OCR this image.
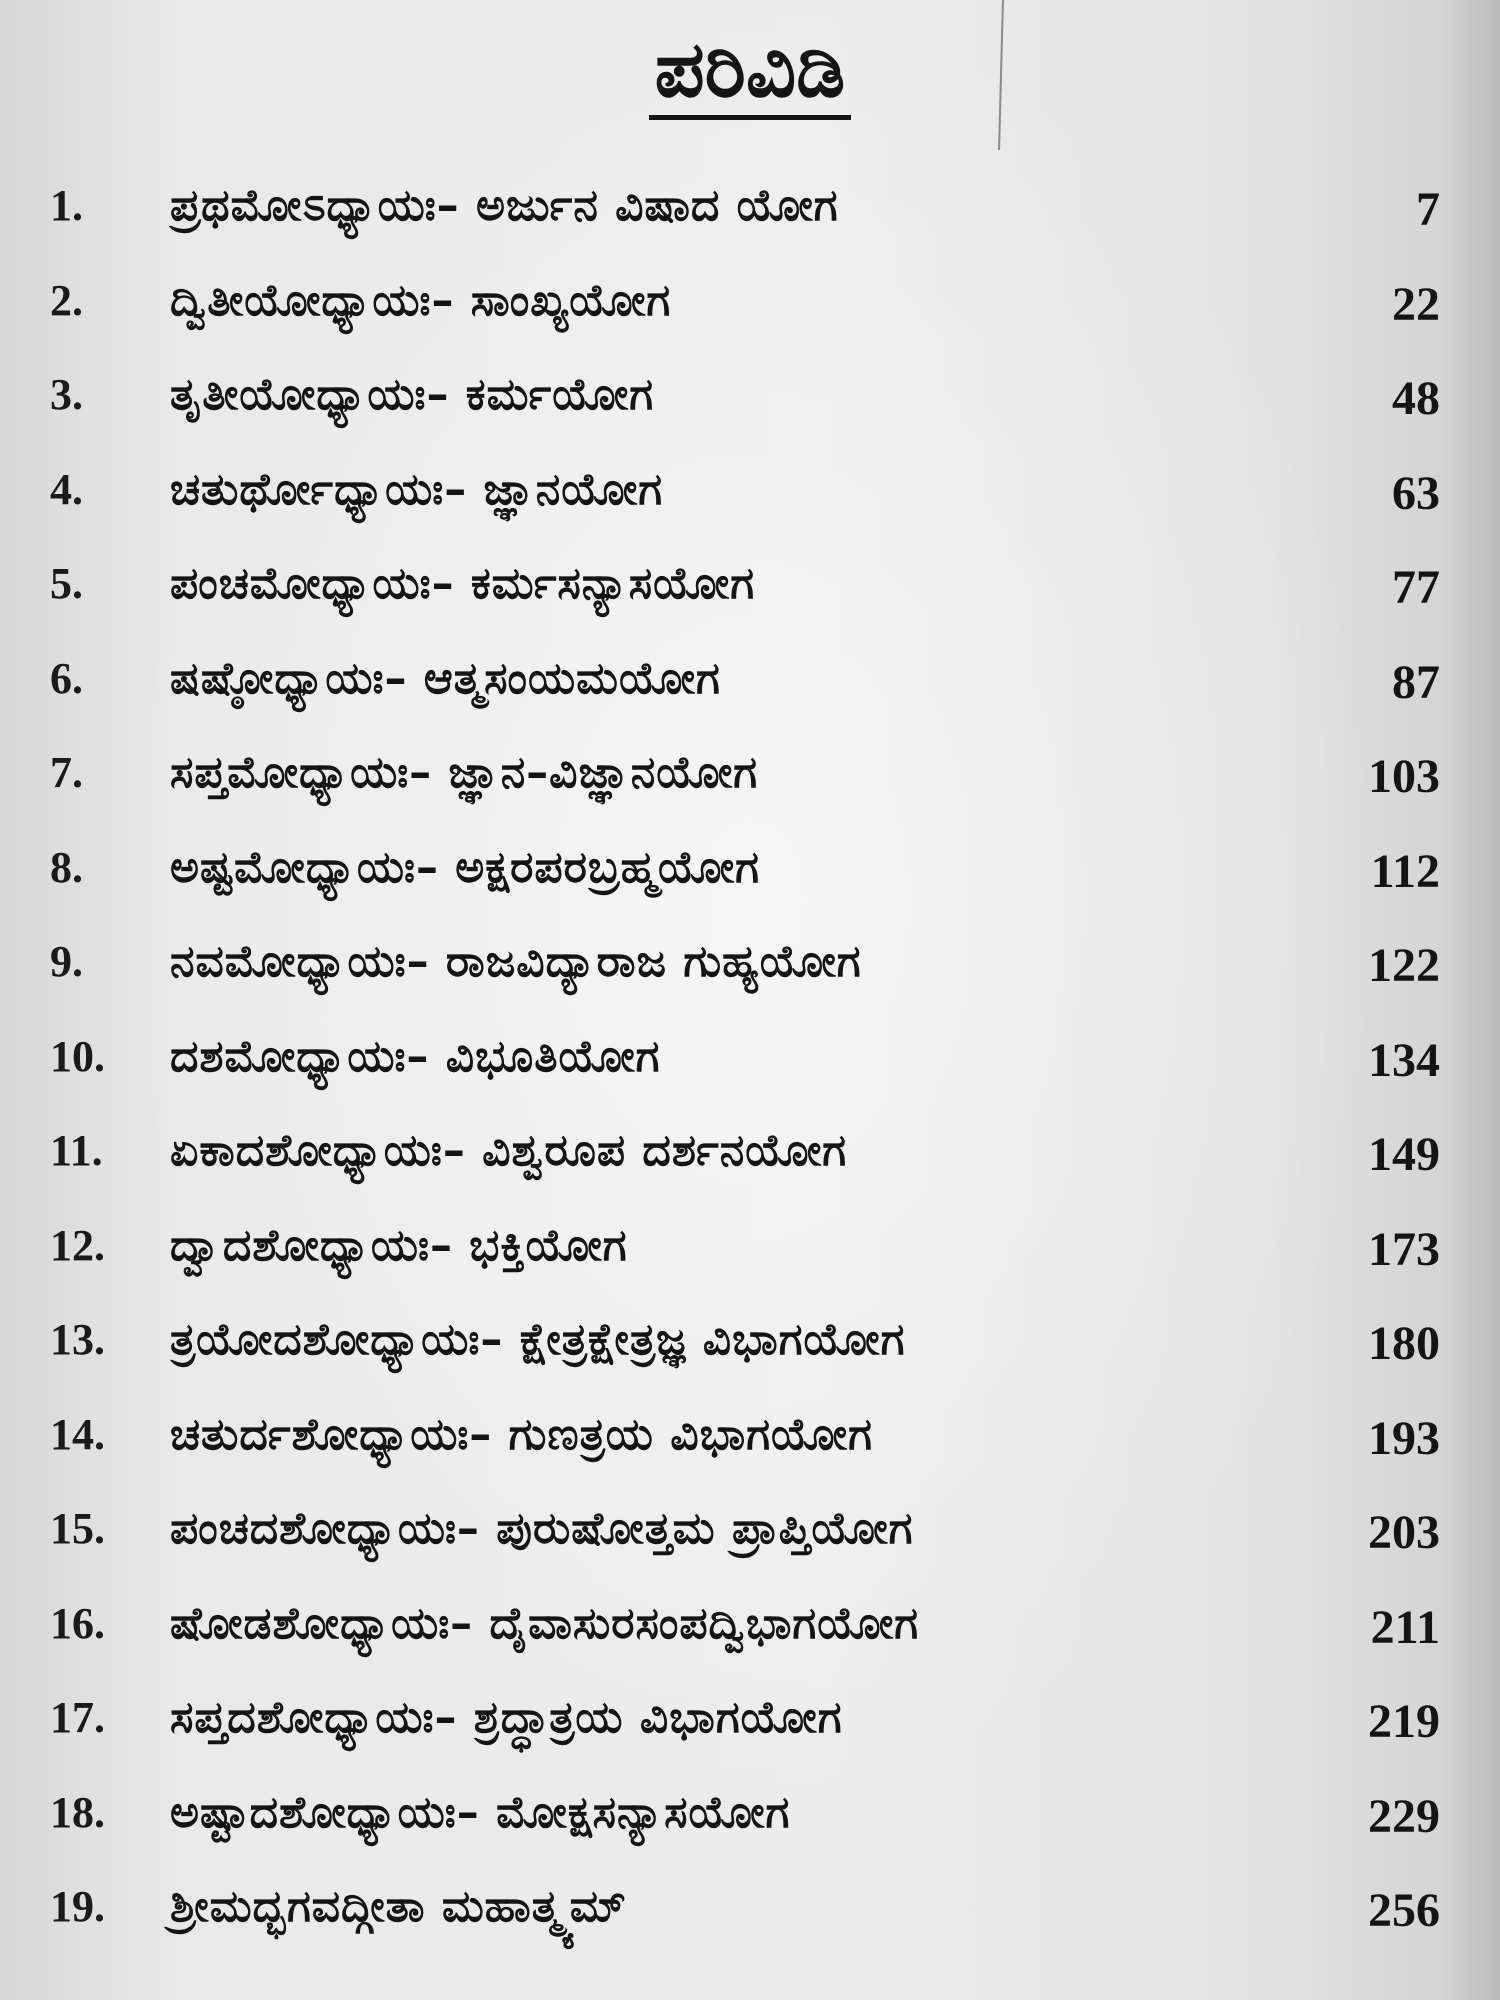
ಪರಿವಿಡಿ
1.	ಪ್ರಥಮೋಽಧ್ಯಾಯಃ– ಅರ್ಜುನ ವಿಷಾದ ಯೋಗ	7
2.	ದ್ವಿತೀಯೋಧ್ಯಾಯಃ– ಸಾಂಖ್ಯಯೋಗ	22
3.	ತೃತೀಯೋಧ್ಯಾಯಃ– ಕರ್ಮಯೋಗ	48
4.	ಚತುರ್ಥೋಧ್ಯಾಯಃ– ಜ್ಞಾನಯೋಗ	63
5.	ಪಂಚಮೋಧ್ಯಾಯಃ– ಕರ್ಮಸನ್ಯಾಸಯೋಗ	77
6.	ಷಷ್ಠೋಧ್ಯಾಯಃ– ಆತ್ಮಸಂಯಮಯೋಗ	87
7.	ಸಪ್ತಮೋಧ್ಯಾಯಃ– ಜ್ಞಾನ–ವಿಜ್ಞಾನಯೋಗ	103
8.	ಅಷ್ಟಮೋಧ್ಯಾಯಃ– ಅಕ್ಷರಪರಬ್ರಹ್ಮಯೋಗ	112
9.	ನವಮೋಧ್ಯಾಯಃ– ರಾಜವಿದ್ಯಾರಾಜ ಗುಹ್ಯಯೋಗ	122
10.	ದಶಮೋಧ್ಯಾಯಃ– ವಿಭೂತಿಯೋಗ	134
11.	ಏಕಾದಶೋಧ್ಯಾಯಃ– ವಿಶ್ವರೂಪ ದರ್ಶನಯೋಗ	149
12.	ದ್ವಾದಶೋಧ್ಯಾಯಃ– ಭಕ್ತಿಯೋಗ	173
13.	ತ್ರಯೋದಶೋಧ್ಯಾಯಃ– ಕ್ಷೇತ್ರಕ್ಷೇತ್ರಜ್ಞ ವಿಭಾಗಯೋಗ	180
14.	ಚತುರ್ದಶೋಧ್ಯಾಯಃ– ಗುಣತ್ರಯ ವಿಭಾಗಯೋಗ	193
15.	ಪಂಚದಶೋಧ್ಯಾಯಃ– ಪುರುಷೋತ್ತಮ ಪ್ರಾಪ್ತಿಯೋಗ	203
16.	ಷೋಡಶೋಧ್ಯಾಯಃ– ದೈವಾಸುರಸಂಪದ್ವಿಭಾಗಯೋಗ	211
17.	ಸಪ್ತದಶೋಧ್ಯಾಯಃ– ಶ್ರದ್ಧಾತ್ರಯ ವಿಭಾಗಯೋಗ	219
18.	ಅಷ್ಟಾದಶೋಧ್ಯಾಯಃ– ಮೋಕ್ಷಸನ್ಯಾಸಯೋಗ	229
19.	ಶ್ರೀಮದ್ಭಗವದ್ಗೀತಾ ಮಹಾತ್ಮ್ಯಮ್	256
